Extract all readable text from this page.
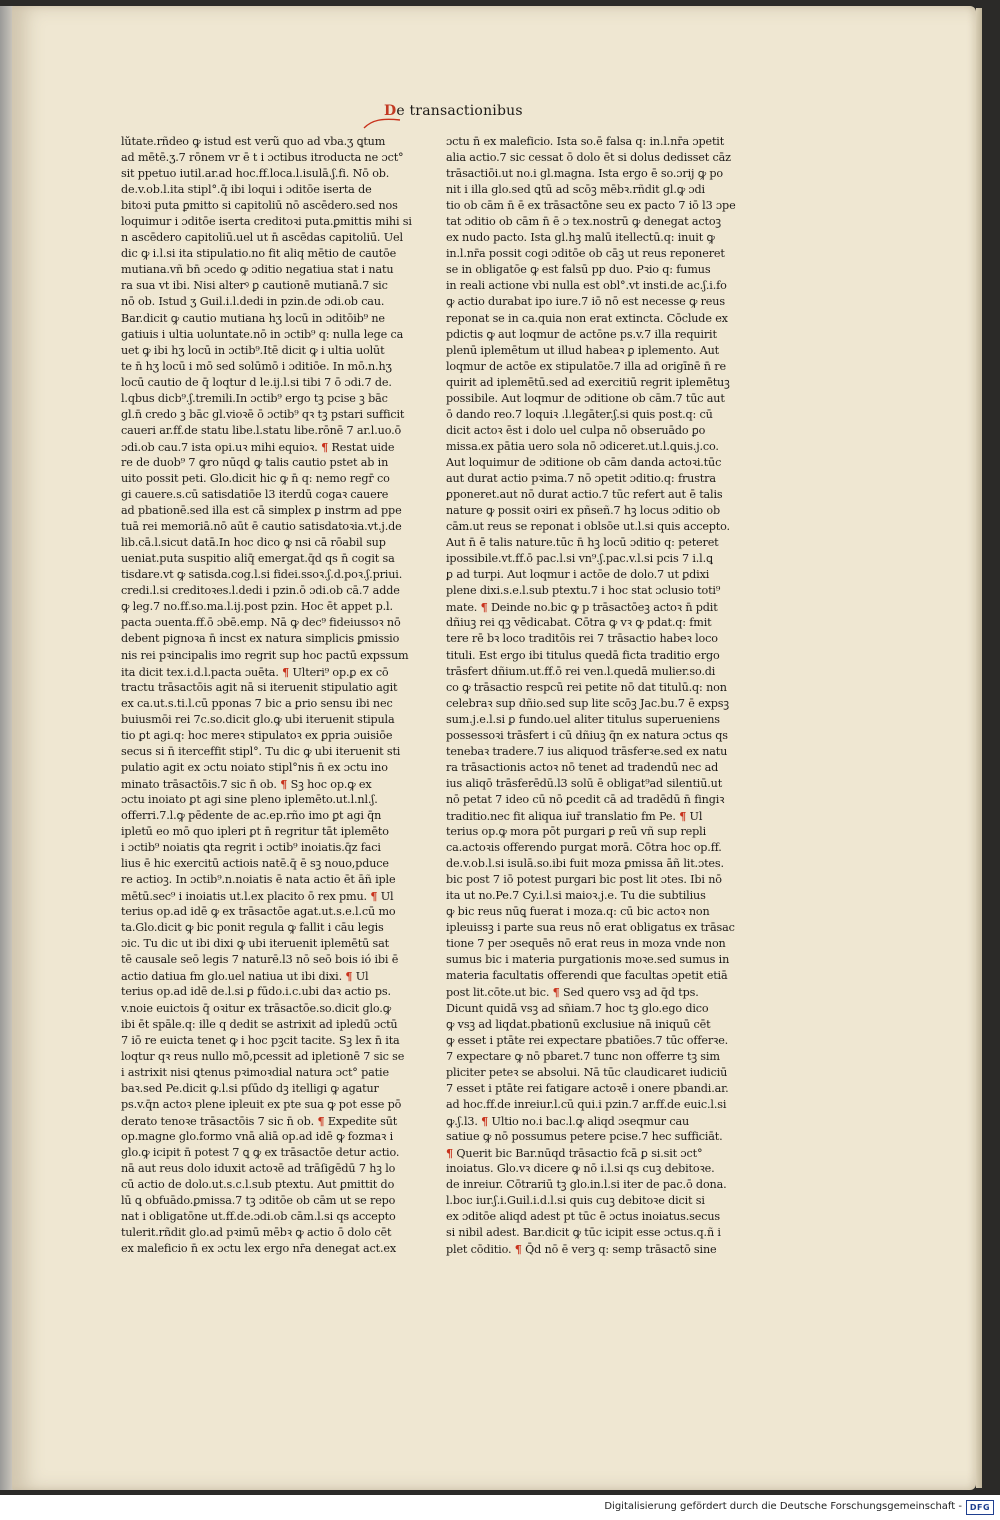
De transactionibus
lŭtate.rñdeo ꝙ istud est verũ quo ad vba.ʒ ꝗtum
ad mētē.ʒ.7 rōnem vr ē t i ɔctibus itroducta ne ɔct°
sit ppetuo iutil.ar.ad hoc.ff.loca.l.isulā.ʃ.fi. Nō ob.
de.v.ob.l.ita stipl°.q̄ ibi loqui i ɔditōe iserta de
bitoꝛi puta ꝑmitto si capitoliū nō ascēdero.sed nos
loquimur i ɔditōe iserta creditoꝛi puta.ꝑmittis mihi si
n ascēdero capitoliū.uel ut n̄ ascēdas capitoliū. Uel
dic ꝙ i.l.si ita stipulatio.no fit aliq mētio de cautōe
mutiana.vñ bn̄ ɔcedo ꝙ ɔditio negatiua stat i natu
ra sua vt ibi. Nisi alterꝰ ꝑ cautionē mutianā.7 sic
nō ob. Istud ʒ Guil.i.l.dedi in pzin.de ɔdi.ob cau.
Bar.dicit ꝙ cautio mutiana hʒ locū in ɔditōib⁹ ne
gatiuis i ultia uoluntate.nō in ɔctib⁹ q: nulla lege ca
uet ꝙ ibi hʒ locū in ɔctib⁹.Itē dicit ꝙ i ultia uolūt
te n̄ hʒ locū i mō sed solūmō i ɔditiōe. In mō.n.hʒ
locū cautio de q̄ loqtur d le.ij.l.si tibi 7 ō ɔdi.7 de.
l.qbus dicb⁹.ʃ.tremili.In ɔctib⁹ ergo tꝫ pcise ꝫ bāc
gl.n̄ credo ꝫ bāc gl.vioꝛē ō ɔctib⁹ qꝛ tꝫ pstari sufficit
caueri ar.ff.de statu libe.l.statu libe.rōnē 7 ar.l.uo.ō
ɔdi.ob cau.7 ista opi.uꝛ mihi equioꝛ. ¶ Restat uide
re de duob⁹ 7 ꝙro nūqd ꝙ talis cautio pstet ab in
uito possit peti. Glo.dicit hic ꝙ n̄ q: nemo regr̄ co
gi cauere.s.cū satisdatiōe l3 iterdū cogaꝛ cauere
ad pbationē.sed illa est cā simplex ꝑ instrm ad ppe
tuā rei memoriā.nō aūt ē cautio satisdatoꝛia.vt.j.de
lib.cā.l.sicut datā.In hoc dico ꝙ nsi cā rōabil sup
ueniat.puta suspitio aliq̄ emergat.q̄d qs n̄ cogit sa
tisdare.vt ꝙ satisda.cog.l.si fidei.ssoꝛ.ʃ.d.poꝛ.ʃ.priui.
credi.l.si creditoꝛes.l.dedi i pzin.ō ɔdi.ob cā.7 adde
ꝙ leg.7 no.ff.so.ma.l.ij.post pzin. Hoc ēt appet p.l.
pacta ɔuenta.ff.ō ɔbē.emp. Nā ꝙ dec⁹ fideiussoꝛ nō
debent pignoꝛa n̄ incst ex natura simplicis ꝑmissio
nis rei pꝛincipalis imo regrit sup hoc pactū expssum
ita dicit tex.i.d.l.pacta ɔuēta. ¶ Ulteri⁹ op.ꝑ ex cō
tractu trāsactōis agit nā si iteruenit stipulatio agit
ex ca.ut.s.ti.l.cū pponas 7 bic a ꝑrio sensu ibi nec
buiusmōi rei 7c.so.dicit glo.ꝙ ubi iteruenit stipula
tio ꝑt agi.q: hoc mereꝛ stipulatoꝛ ex ꝑpria ɔuisiōe
secus si n̄ iterceffit stipl°. Tu dic ꝙ ubi iteruenit sti
pulatio agit ex ɔctu noiato stipl°nis n̄ ex ɔctu ino
minato trāsactōis.7 sic n̄ ob. ¶ Sꝫ hoc op.ꝙ ex
ɔctu inoiato ꝑt agi sine pleno iplemēto.ut.l.nl.ʃ.
offerri.7.l.ꝙ pēdente de ac.ep.rño imo ꝑt agi q̄n
ipletū eo mō quo ipleri ꝑt n̄ regritur tāt iplemēto
i ɔctib⁹ noiatis ꝗta regrit i ɔctib⁹ inoiatis.q̄z faci
lius ē hic exercitū actiois natē.q̄ ē sꝫ nouo,pduce
re actioꝫ. In ɔctib⁹.n.noiatis ē nata actio ēt āñ iple
mētū.sec⁹ i inoiatis ut.l.ex placito ō rex pmu. ¶ Ul
terius op.ad idē ꝙ ex trāsactōe agat.ut.s.e.l.cū mo
ta.Glo.dicit ꝙ bic ponit regula ꝙ fallit i cāu legis
ɔic. Tu dic ut ibi dixi ꝙ ubi iteruenit iplemētū sat
tē causale seō legis 7 naturē.l3 nō seō bois ió ibi ē
actio datiua fm glo.uel natiua ut ibi dixi. ¶ Ul
terius op.ad idē de.l.si ꝑ fūdo.i.c.ubi daꝛ actio ps.
v.noie euictois q̄ oꝛitur ex trāsactōe.so.dicit glo.ꝙ
ibi ēt spāle.q: ille q dedit se astrixit ad ipledū ɔctū
7 iō re euicta tenet ꝙ i hoc pꝫcit tacite. Sꝫ lex n̄ ita
loqtur qꝛ reus nullo mō,pcessit ad ipletionē 7 sic se
i astrixit nisi ꝗtenus pꝛimoꝛdial natura ɔct° patie
baꝛ.sed Pe.dicit ꝙ.l.si pſūdo dꝫ itelligi ꝙ agatur
ps.v.q̄n actoꝛ plene ipleuit ex pte sua ꝙ pot esse pō
derato tenoꝛe trāsactōis 7 sic n̄ ob. ¶ Expedite sūt
op.magne glo.formo vnā aliā op.ad idē ꝙ fozmaꝛ i
glo.ꝙ icipit n̄ potest 7 ꝗ ꝙ ex trāsactōe detur actio.
nā aut reus dolo iduxit actoꝛē ad trāſigēdū 7 hꝫ lo
cū actio de dolo.ut.s.c.l.sub ptextu. Aut ꝑmittit do
lū ꝗ obfuādo.ꝑmissa.7 tꝫ ɔditōe ob cām ut se repo
nat i obligatōne ut.ff.de.ɔdi.ob cām.l.si qs accepto
tulerit.rñdit glo.ad pꝛimū mēbꝛ ꝙ actio ō dolo cēt
ex maleficio n̄ ex ɔctu lex ergo nr̄a denegat act.ex
ɔctu n̄ ex maleficio. Ista so.ē falsa q: in.l.nr̄a ɔpetit
alia actio.7 sic cessat ō dolo ēt si dolus dedisset cāz
trāsactiōi.ut no.i gl.magna. Ista ergo ē so.ɔrij ꝙ po
nit i illa glo.sed ꝗtū ad scōꝫ mēbꝛ.rñdit gl.ꝙ ɔdi
tio ob cām n̄ ē ex trāsactōne seu ex pacto 7 iō l3 ɔpe
tat ɔditio ob cām n̄ ē ɔ tex.nostrū ꝙ denegat actoꝫ
ex nudo pacto. Ista gl.hꝫ malū itellectū.q: inuit ꝙ
in.l.nr̄a possit cogi ɔditōe ob cāꝫ ut reus reponeret
se in obligatōe ꝙ est falsū pp duo. Pꝛio q: fumus
in reali actione vbi nulla est obl°.vt insti.de ac.ʃ.i.fo
ꝙ actio durabat ipo iure.7 iō nō est necesse ꝙ reus
reponat se in ca.quia non erat extincta. Cōclude ex
pdictis ꝙ aut loqmur de actōne ps.v.7 illa requirit
plenū iplemētum ut illud habeaꝛ ꝑ iplemento. Aut
loqmur de actōe ex stipulatōe.7 illa ad origīnē n̄ re
quirit ad iplemētū.sed ad exercitiū regrit iplemētuꝫ
possibile. Aut loqmur de ɔditione ob cām.7 tūc aut
ō dando reo.7 loquiꝛ .l.legāter.ʃ.si quis post.q: cū
dicit actoꝛ ēst i dolo uel culpa nō obseruādo ꝑo
missa.ex pātia uero sola nō ɔdiceret.ut.l.ꝗuis.j.co.
Aut loquimur de ɔditione ob cām danda actoꝛi.tūc
aut durat actio pꝛima.7 nō ɔpetit ɔditio.q: frustra
ꝑponeret.aut nō durat actio.7 tūc refert aut ē talis
nature ꝙ possit oꝛiri ex pñseñ.7 hꝫ locus ɔditio ob
cām.ut reus se reponat i oblsōe ut.l.si quis accepto.
Aut n̄ ē talis nature.tūc n̄ hꝫ locū ɔditio q: peteret
ipossibile.vt.ff.ō pac.l.si vn⁹.ʃ.pac.v.l.si pcis 7 i.l.ꝗ
ꝑ ad turpi. Aut loqmur i actōe de dolo.7 ut ꝑdixi
plene dixi.s.e.l.sub ptextu.7 i hoc stat ɔclusio toti⁹
mate. ¶ Deinde no.bic ꝙ p trāsactōeꝫ actoꝛ n̄ pdit
dñiuꝫ rei qꝫ vēdicabat. Cōtra ꝙ vꝛ ꝙ pdat.q: fmit
tere rē bꝛ loco traditōis rei 7 trāsactio habeꝛ loco
tituli. Est ergo ibi titulus quedā ficta traditio ergo
trāsfert dñium.ut.ff.ō rei ven.l.quedā mulier.so.di
co ꝙ trāsactio respcū rei petite nō dat titulū.q: non
celebraꝛ sup dñio.sed sup lite scōꝫ Jac.bu.7 ē expsꝫ
sum.j.e.l.si ꝑ fundo.uel aliter titulus superueniens
possessoꝛi trāsfert i cū dñiuꝫ q̄n ex natura ɔctus qs
tenebaꝛ tradere.7 ius aliquod trāsferꝛe.sed ex natu
ra trāsactionis actoꝛ nō tenet ad tradendū nec ad
ius aliqō trāsferēdū.l3 solū ē obligat⁹ad silentiū.ut
nō petat 7 ideo cū nō ꝑcedit cā ad tradēdū n̄ fingiꝛ
traditio.nec fit aliqua iur̄ translatio fm Pe. ¶ Ul
terius op.ꝙ mora pōt purgari ꝑ reū vñ sup repli
ca.actoꝛis offerendo purgat morā. Cōtra hoc op.ff.
de.v.ob.l.si isulā.so.ibi fuit moza ꝑmissa āñ lit.ɔtes.
bic post 7 iō potest purgari bic post lit ɔtes. Ibi nō
ita ut no.Pe.7 Cy.i.l.si maioꝛ.j.e. Tu die subtilius
ꝙ bic reus nūꝗ fuerat i moza.q: cū bic actoꝛ non
ipleuissꝫ i parte sua reus nō erat obligatus ex trāsac
tione 7 per ɔsequēs nō erat reus in moza vnde non
sumus bic i materia purgationis moꝛe.sed sumus in
materia facultatis offerendi que facultas ɔpetit etiā
post lit.cōte.ut bic. ¶ Sed quero vsꝫ ad q̄d tps.
Dicunt quidā vsꝫ ad sñiam.7 hoc tꝫ glo.ego dico
ꝙ vsꝫ ad liqdat.pbationū exclusiue nā iniquū cēt
ꝙ esset i ptāte rei expectare pbatiōes.7 tūc offerꝛe.
7 expectare ꝙ nō pbaret.7 tunc non offerre tꝫ sim
pliciter peteꝛ se absolui. Nā tūc claudicaret iudiciū
7 esset i ptāte rei fatigare actoꝛē i onere pbandi.ar.
ad hoc.ff.de inreiur.l.cū qui.i pzin.7 ar.ff.de euic.l.si
ꝙ.ʃ.l3. ¶ Ultio no.i bac.l.ꝙ aliqd ɔseqmur cau
satiue ꝙ nō possumus petere pcise.7 hec sufficiāt.
¶ Querit bic Bar.nūqd trāsactio fcā ꝑ si.sit ɔct°
inoiatus. Glo.vꝛ dicere ꝙ nō i.l.si qs cuꝫ debitoꝛe.
de inreiur. Cōtrariū tꝫ glo.in.l.si iter de pac.ō dona.
l.boc iur.ʃ.i.Guil.i.d.l.si quis cuꝫ debitoꝛe dicit si
ex ɔditōe aliqd adest pt tūc ē ɔctus inoiatus.secus
si nibil adest. Bar.dicit ꝙ tūc icipit esse ɔctus.q.ñ i
plet cōditio. ¶ Q̄d nō ē verꝫ q: semp trāsactō sine
Digitalisierung gefördert durch die Deutsche Forschungsgemeinschaft - DFG
